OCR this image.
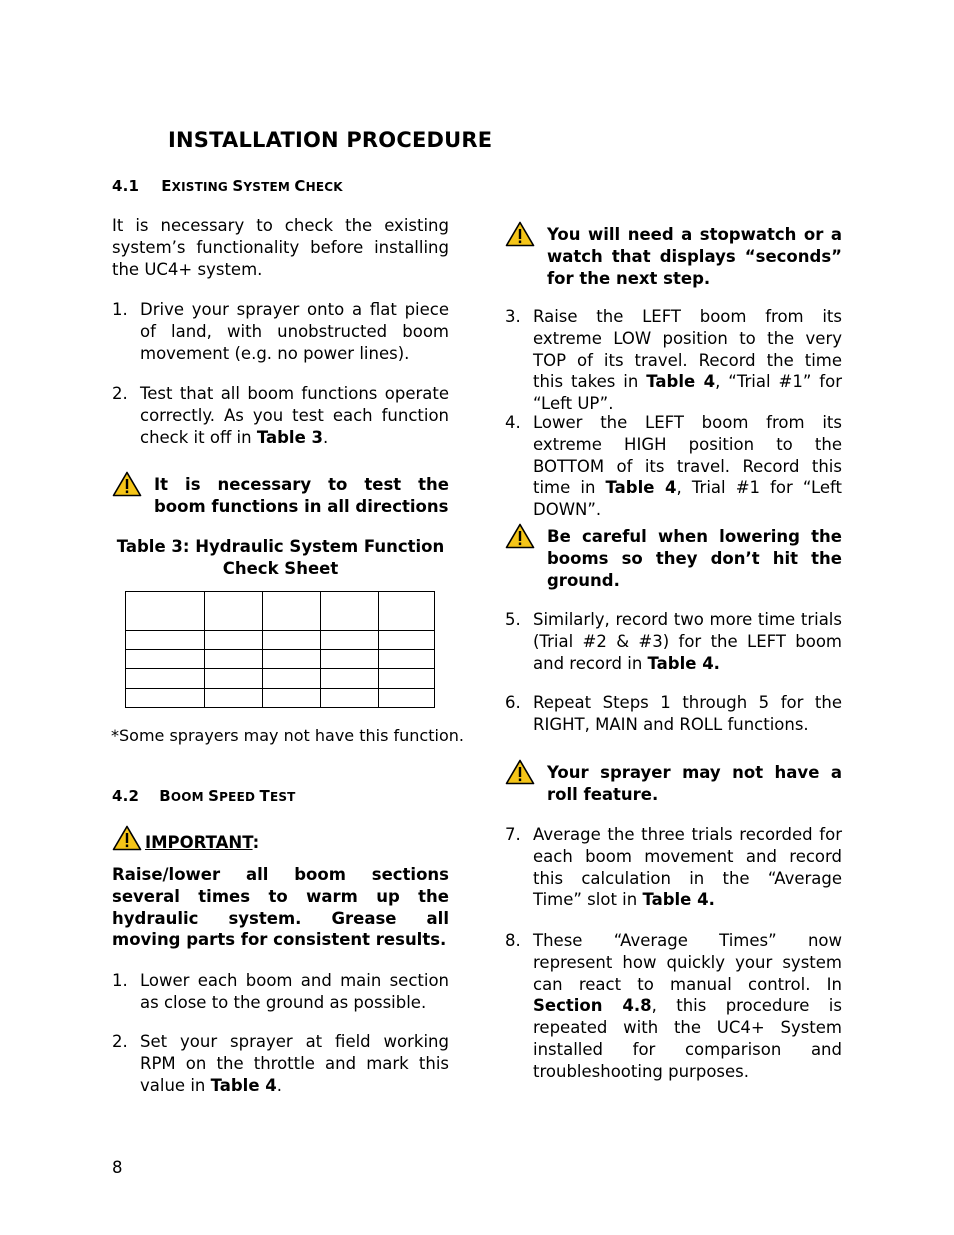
INSTALLATION PROCEDURE
4.1 EXISTING SYSTEM CHECK
It is necessary to check the existing system’s functionality before installing the UC4+ system.
1. Drive your sprayer onto a flat piece of land, with unobstructed boom movement (e.g. no power lines).
2. Test that all boom functions operate correctly. As you test each function check it off in Table 3.
It is necessary to test the boom functions in all directions
Table 3: Hydraulic System Function
Check Sheet

*Some sprayers may not have this function.
4.2 BOOM SPEED TEST
IMPORTANT:
Raise/lower all boom sections several times to warm up the hydraulic system. Grease all moving parts for consistent results.
1. Lower each boom and main section as close to the ground as possible.
2. Set your sprayer at field working RPM on the throttle and mark this value in Table 4.
8
You will need a stopwatch or a watch that displays “seconds” for the next step.
3. Raise the LEFT boom from its extreme LOW position to the very TOP of its travel. Record the time this takes in Table 4, “Trial #1” for “Left UP”.
4. Lower the LEFT boom from its extreme HIGH position to the BOTTOM of its travel. Record this time in Table 4, Trial #1 for “Left DOWN”.
Be careful when lowering the booms so they don’t hit the ground.
5. Similarly, record two more time trials (Trial #2 & #3) for the LEFT boom and record in Table 4.
6. Repeat Steps 1 through 5 for the RIGHT, MAIN and ROLL functions.
Your sprayer may not have a roll feature.
7. Average the three trials recorded for each boom movement and record this calculation in the “Average Time” slot in Table 4.
8. These “Average Times” now represent how quickly your system can react to manual control. In Section 4.8, this procedure is repeated with the UC4+ System installed for comparison and troubleshooting purposes.
